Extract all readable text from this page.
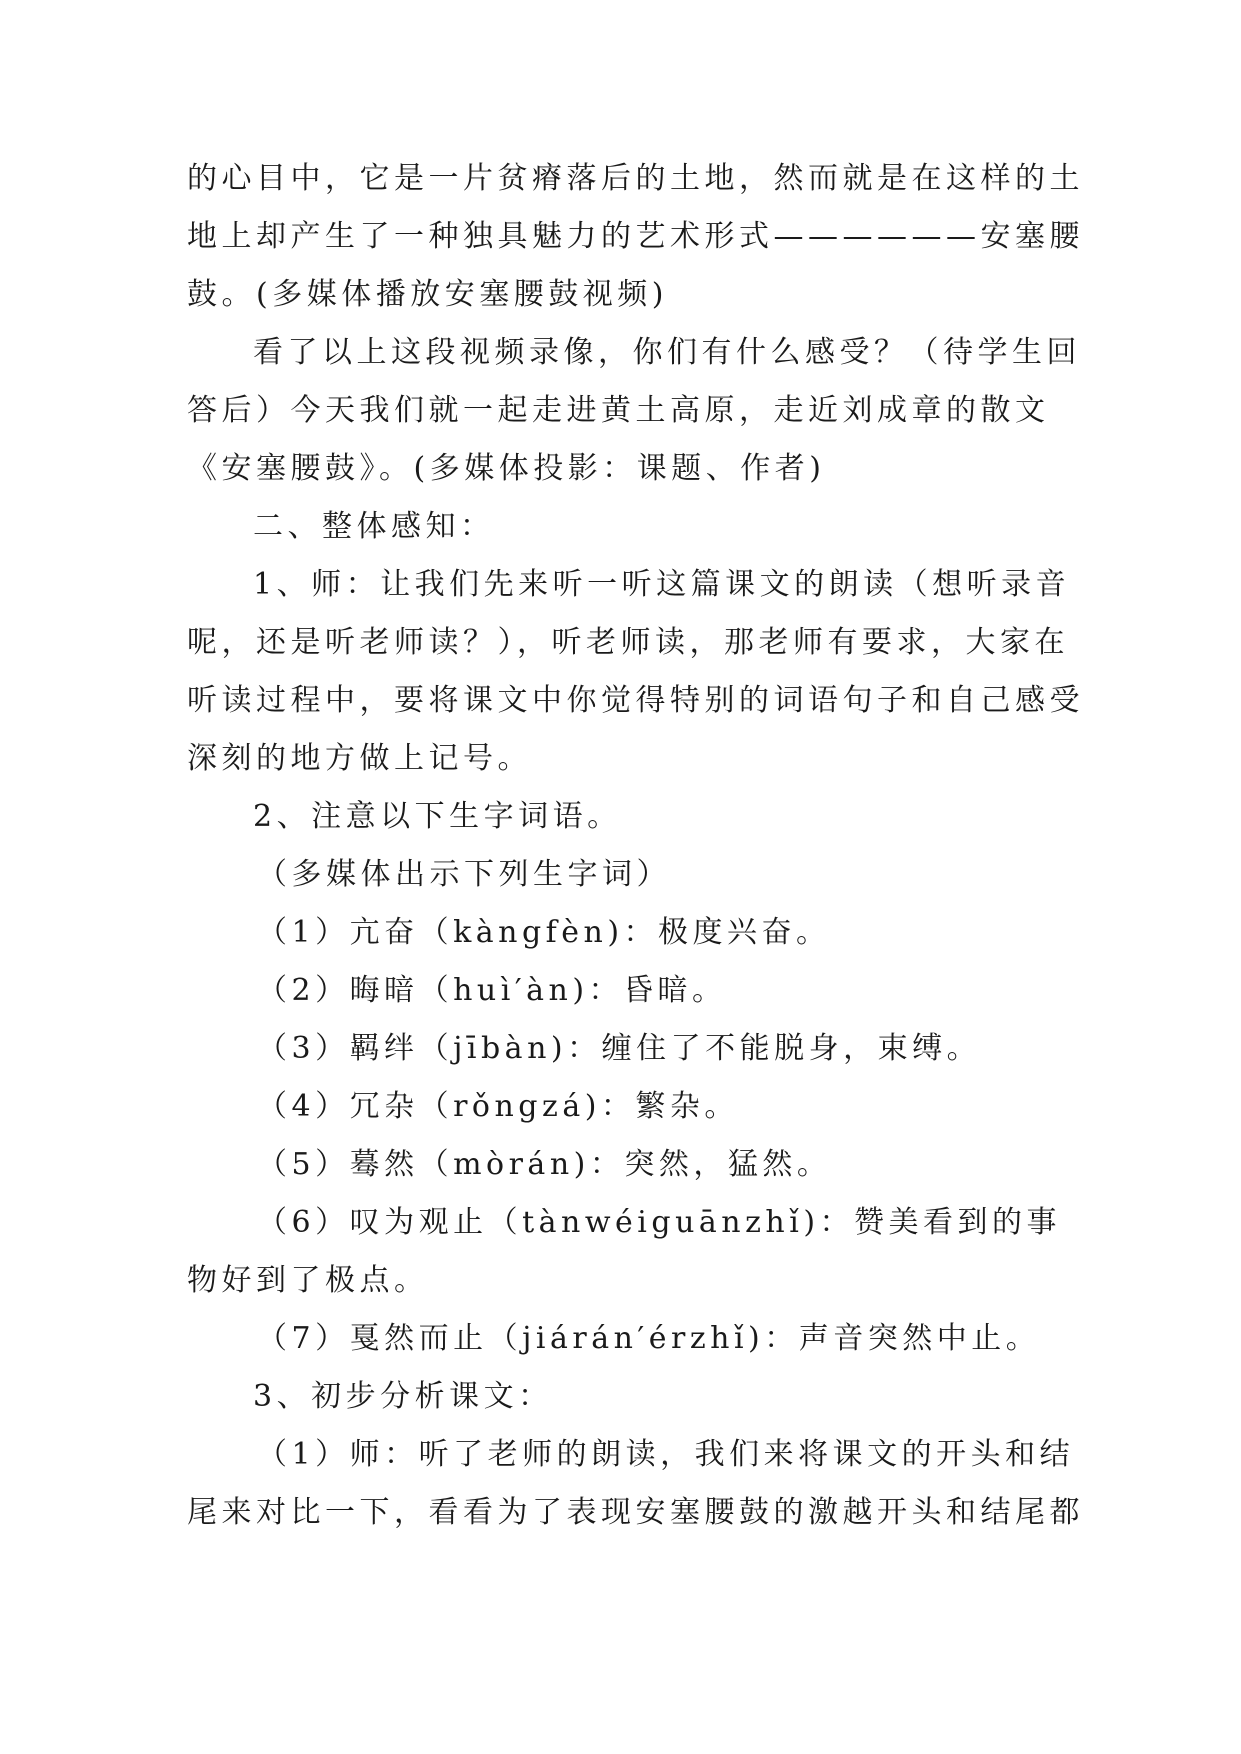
的心目中，它是一片贫瘠落后的土地，然而就是在这样的土
地上却产生了一种独具魅力的艺术形式——————安塞腰
鼓。(多媒体播放安塞腰鼓视频)
看了以上这段视频录像，你们有什么感受？（待学生回
答后）今天我们就一起走进黄土高原，走近刘成章的散文
《安塞腰鼓》。(多媒体投影：课题、作者)
二、整体感知：
1、师：让我们先来听一听这篇课文的朗读（想听录音
呢，还是听老师读？），听老师读，那老师有要求，大家在
听读过程中，要将课文中你觉得特别的词语句子和自己感受
深刻的地方做上记号。
2、注意以下生字词语。
（多媒体出示下列生字词）
（1）亢奋（kàngfèn)：极度兴奋。
（2）晦暗（huì′àn)：昏暗。
（3）羁绊（jībàn)：缠住了不能脱身，束缚。
（4）冗杂（rǒngzá)：繁杂。
（5）蓦然（mòrán)：突然，猛然。
（6）叹为观止（tànwéiguānzhǐ)：赞美看到的事
物好到了极点。
（7）戛然而止（jiárán′érzhǐ)：声音突然中止。
3、初步分析课文：
（1）师：听了老师的朗读，我们来将课文的开头和结
尾来对比一下，看看为了表现安塞腰鼓的激越开头和结尾都
